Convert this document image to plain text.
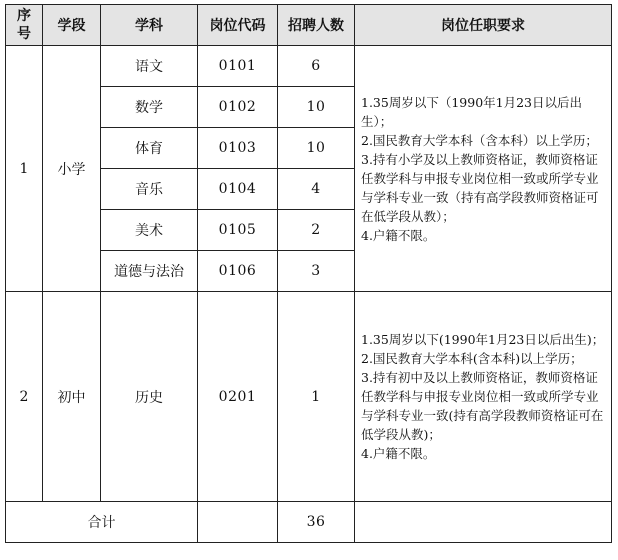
序号	学段	学科	岗位代码	招聘人数	岗位任职要求
1	小学	语文	0101	6	1.35周岁以下（1990年1月23日以后出生）；
2.国民教育大学本科（含本科）以上学历；
3.持有小学及以上教师资格证，教师资格证任教学科与申报专业岗位相一致或所学专业与学科专业一致（持有高学段教师资格证可在低学段从教）；
4.户籍不限。

		数学	0102	10	
		体育	0103	10	
		音乐	0104	4	
		美术	0105	2	
		道德与法治	0106	3	
2	初中	历史	0201	1	1.35周岁以下(1990年1月23日以后出生)；
2.国民教育大学本科(含本科)以上学历；
3.持有初中及以上教师资格证，教师资格证任教学科与申报专业岗位相一致或所学专业与学科专业一致(持有高学段教师资格证可在低学段从教)；
4.户籍不限。

合计				36	
